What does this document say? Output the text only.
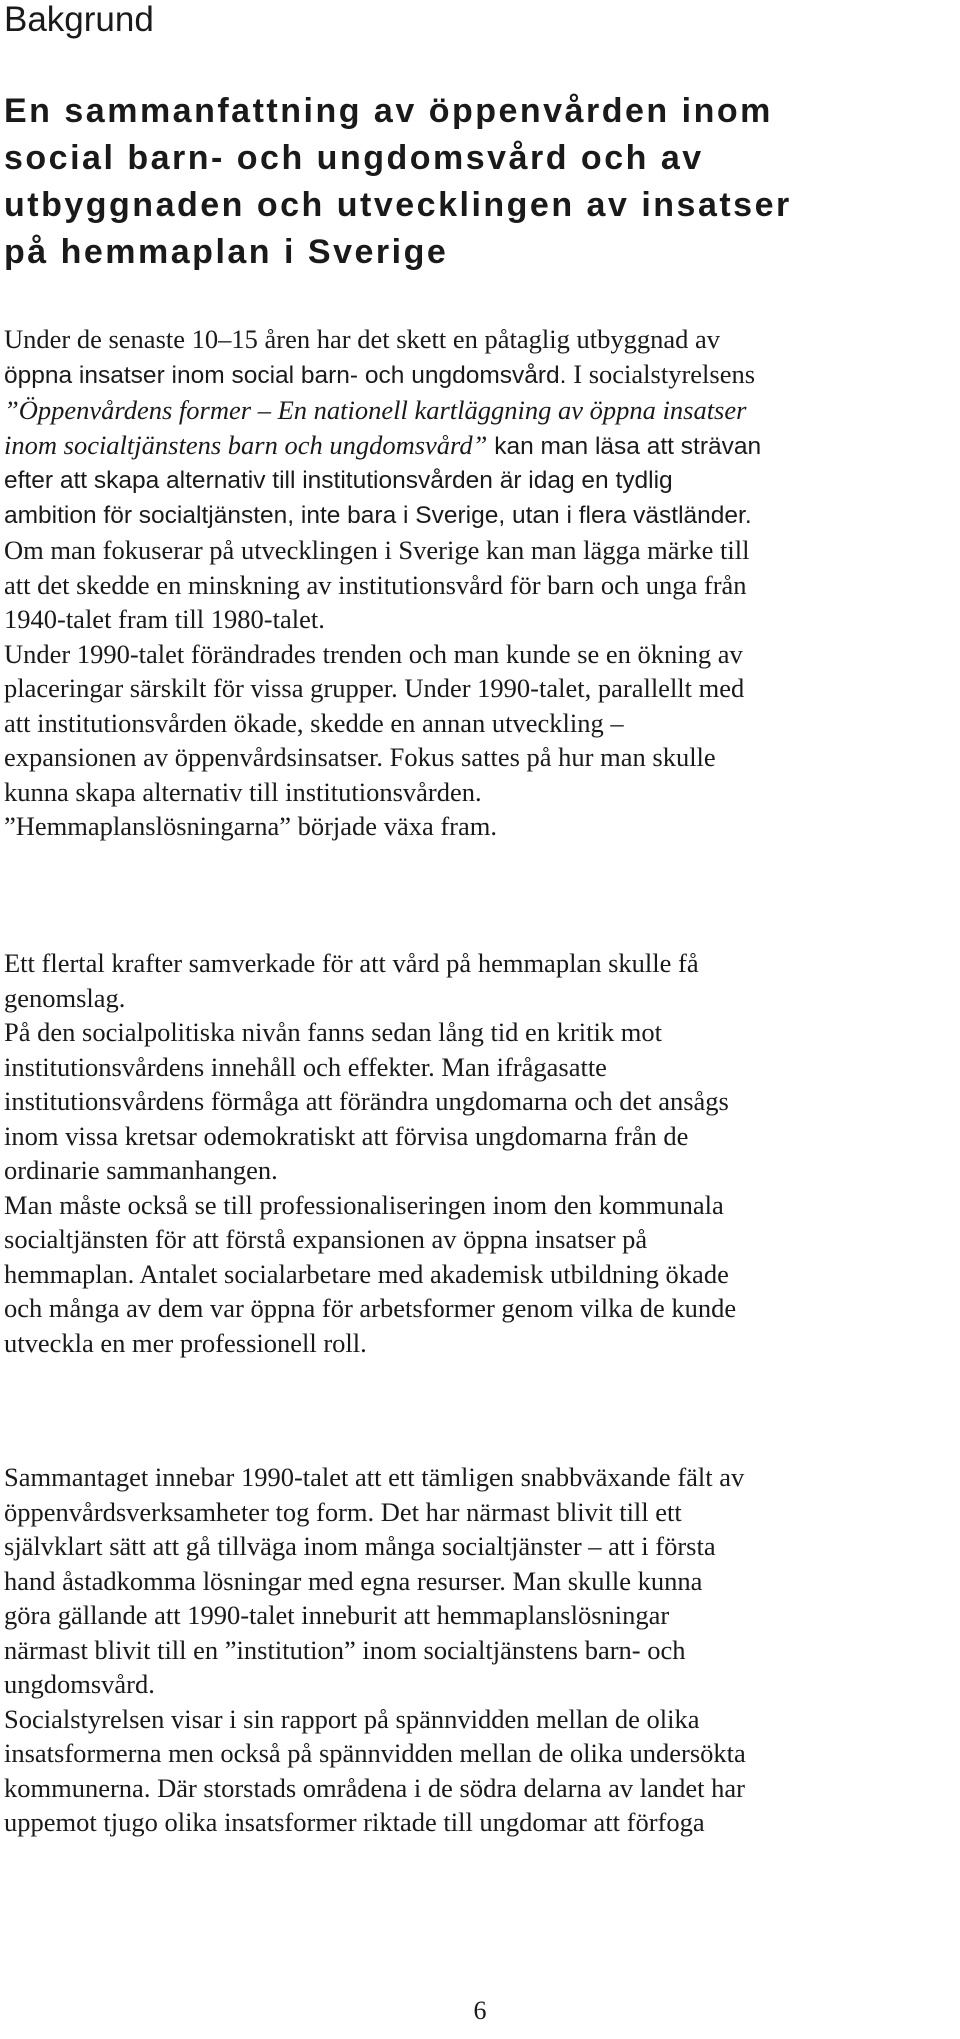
Bakgrund
En sammanfattning av öppenvården inom
social barn- och ungdomsvård och av
utbyggnaden och utvecklingen av insatser
på hemmaplan i Sverige
Under de senaste 10–15 åren har det skett en påtaglig utbyggnad av
öppna insatser inom social barn- och ungdomsvård. I socialstyrelsens
”Öppenvårdens former – En nationell kartläggning av öppna insatser
inom socialtjänstens barn och ungdomsvård” kan man läsa att strävan
efter att skapa alternativ till institutionsvården är idag en tydlig
ambition för socialtjänsten, inte bara i Sverige, utan i flera västländer.
Om man fokuserar på utvecklingen i Sverige kan man lägga märke till
att det skedde en minskning av institutionsvård för barn och unga från
1940-talet fram till 1980-talet.
Under 1990-talet förändrades trenden och man kunde se en ökning av
placeringar särskilt för vissa grupper. Under 1990-talet, parallellt med
att institutionsvården ökade, skedde en annan utveckling –
expansionen av öppenvårdsinsatser. Fokus sattes på hur man skulle
kunna skapa alternativ till institutionsvården.
”Hemmaplanslösningarna” började växa fram.
Ett flertal krafter samverkade för att vård på hemmaplan skulle få
genomslag.
På den socialpolitiska nivån fanns sedan lång tid en kritik mot
institutionsvårdens innehåll och effekter. Man ifrågasatte
institutionsvårdens förmåga att förändra ungdomarna och det ansågs
inom vissa kretsar odemokratiskt att förvisa ungdomarna från de
ordinarie sammanhangen.
Man måste också se till professionaliseringen inom den kommunala
socialtjänsten för att förstå expansionen av öppna insatser på
hemmaplan. Antalet socialarbetare med akademisk utbildning ökade
och många av dem var öppna för arbetsformer genom vilka de kunde
utveckla en mer professionell roll.
Sammantaget innebar 1990-talet att ett tämligen snabbväxande fält av
öppenvårdsverksamheter tog form. Det har närmast blivit till ett
självklart sätt att gå tillväga inom många socialtjänster – att i första
hand åstadkomma lösningar med egna resurser. Man skulle kunna
göra gällande att 1990-talet inneburit att hemmaplanslösningar
närmast blivit till en ”institution” inom socialtjänstens barn- och
ungdomsvård.
Socialstyrelsen visar i sin rapport på spännvidden mellan de olika
insatsformerna men också på spännvidden mellan de olika undersökta
kommunerna. Där storstads områdena i de södra delarna av landet har
uppemot tjugo olika insatsformer riktade till ungdomar att förfoga
6
